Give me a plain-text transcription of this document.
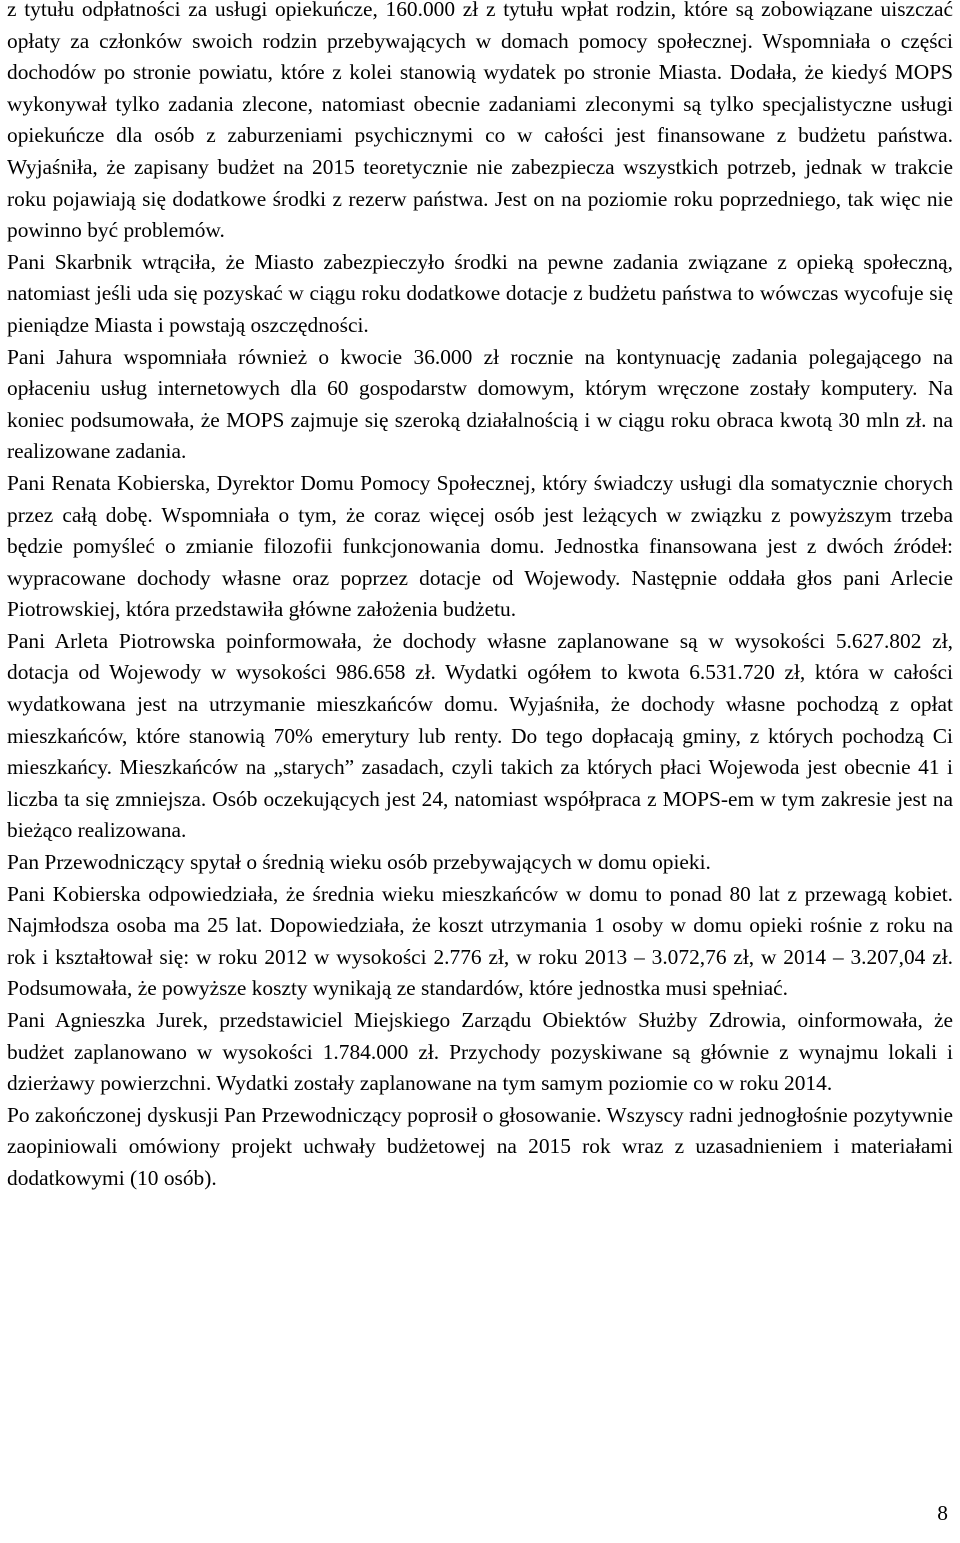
z tytułu odpłatności za usługi opiekuńcze, 160.000 zł z tytułu wpłat rodzin, które są zobowiązane uiszczać opłaty za członków swoich rodzin przebywających w domach pomocy społecznej. Wspomniała o części dochodów po stronie powiatu, które z kolei stanowią wydatek po stronie Miasta. Dodała, że kiedyś MOPS wykonywał tylko zadania zlecone, natomiast obecnie zadaniami zleconymi są tylko specjalistyczne usługi opiekuńcze dla osób z zaburzeniami psychicznymi co w całości jest finansowane z budżetu państwa. Wyjaśniła, że zapisany budżet na 2015 teoretycznie nie zabezpiecza wszystkich potrzeb, jednak w trakcie roku pojawiają się dodatkowe środki z rezerw państwa. Jest on na poziomie roku poprzedniego, tak więc nie powinno być problemów.

Pani Skarbnik wtrąciła, że Miasto zabezpieczyło środki na pewne zadania związane z opieką społeczną, natomiast jeśli uda się pozyskać w ciągu roku dodatkowe dotacje z budżetu państwa to wówczas wycofuje się pieniądze Miasta i powstają oszczędności.

Pani Jahura wspomniała również o kwocie 36.000 zł rocznie na kontynuację zadania polegającego na opłaceniu usług internetowych dla 60 gospodarstw domowym, którym wręczone zostały komputery. Na koniec podsumowała, że MOPS zajmuje się szeroką działalnością i w ciągu roku obraca kwotą 30 mln zł. na realizowane zadania.

Pani Renata Kobierska, Dyrektor Domu Pomocy Społecznej, który świadczy usługi dla somatycznie chorych przez całą dobę. Wspomniała o tym, że coraz więcej osób jest leżących w związku z powyższym trzeba będzie pomyśleć o zmianie filozofii funkcjonowania domu. Jednostka finansowana jest z dwóch źródeł: wypracowane dochody własne oraz poprzez dotacje od Wojewody. Następnie oddała głos pani Arlecie Piotrowskiej, która przedstawiła główne założenia budżetu.

Pani Arleta Piotrowska poinformowała, że dochody własne zaplanowane są w wysokości 5.627.802 zł, dotacja od Wojewody w wysokości 986.658 zł. Wydatki ogółem to kwota 6.531.720 zł, która w całości wydatkowana jest na utrzymanie mieszkańców domu. Wyjaśniła, że dochody własne pochodzą z opłat mieszkańców, które stanowią 70% emerytury lub renty. Do tego dopłacają gminy, z których pochodzą Ci mieszkańcy. Mieszkańców na „starych” zasadach, czyli takich za których płaci Wojewoda jest obecnie 41 i liczba ta się zmniejsza. Osób oczekujących jest 24, natomiast współpraca z MOPS-em w tym zakresie jest na bieżąco realizowana.

Pan Przewodniczący spytał o średnią wieku osób przebywających w domu opieki.

Pani Kobierska odpowiedziała, że średnia wieku mieszkańców w domu to ponad 80 lat z przewagą kobiet. Najmłodsza osoba ma 25 lat. Dopowiedziała, że koszt utrzymania 1 osoby w domu opieki rośnie z roku na rok i kształtował się: w roku 2012 w wysokości 2.776 zł, w roku 2013 – 3.072,76 zł, w 2014 – 3.207,04 zł. Podsumowała, że powyższe koszty wynikają ze standardów, które jednostka musi spełniać.

Pani Agnieszka Jurek, przedstawiciel Miejskiego Zarządu Obiektów Służby Zdrowia, oinformowała, że budżet zaplanowano w wysokości 1.784.000 zł. Przychody pozyskiwane są głównie z wynajmu lokali i dzierżawy powierzchni. Wydatki zostały zaplanowane na tym samym poziomie co w roku 2014.

Po zakończonej dyskusji Pan Przewodniczący poprosił o głosowanie. Wszyscy radni jednogłośnie pozytywnie zaopiniowali omówiony projekt uchwały budżetowej na 2015 rok wraz z uzasadnieniem i materiałami dodatkowymi (10 osób).

8
